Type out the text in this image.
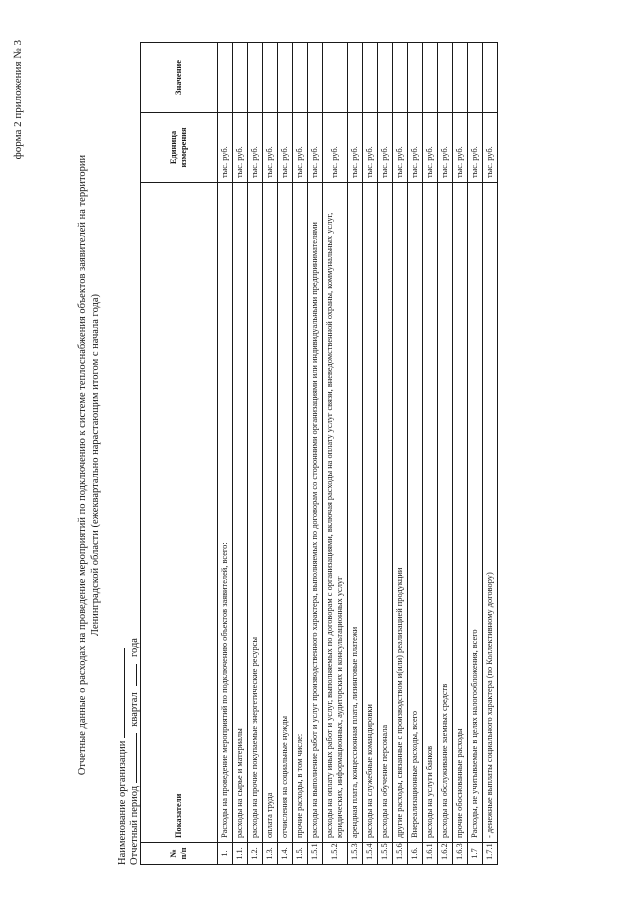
форма 2 приложения № 3
Отчетные данные о расходах на проведение мероприятий по подключению к системе теплоснабжения объектов заявителей на территории Ленинградской области (ежеквартально нарастающим итогом с начала года)
Наименование организации Отчетный период  квартал  года
№ п/п	Показатели	Единица измерения	Значение
1.	Расходы на проведение мероприятий по подключению объектов заявителей, всего:	тыс. руб.	
1.1.	расходы на сырье и материалы	тыс. руб.	
1.2.	расходы на прочие покупаемые энергетические ресурсы	тыс. руб.	
1.3.	оплата труда	тыс. руб.	
1.4.	отчисления на социальные нужды	тыс. руб.	
1.5.	прочие расходы, в том числе:	тыс. руб.	
1.5.1	расходы на выполнение работ и услуг производственного характера, выполняемых по договорам со сторонними организациями или индивидуальными предпринимателями	тыс. руб.	
1.5.2	расходы на оплату иных работ и услуг, выполняемых по договорам с организациями, включая расходы на оплату услуг связи, вневедомственной охраны, коммунальных услуг, юридических, информационных, аудиторских и консультационных услуг	тыс. руб.	
1.5.3	арендная плата, концессионная плата, лизинговые платежи	тыс. руб.	
1.5.4	расходы на служебные командировки	тыс. руб.	
1.5.5	расходы на обучение персонала	тыс. руб.	
1.5.6	другие расходы, связанные с производством и(или) реализацией продукции	тыс. руб.	
1.6.	Внереализационные расходы, всего	тыс. руб.	
1.6.1	расходы на услуги банков	тыс. руб.	
1.6.2	расходы на обслуживание заемных средств	тыс. руб.	
1.6.3	прочие обоснованные расходы	тыс. руб.	
1.7	Расходы, не учитываемые в целях налогообложения, всего	тыс. руб.	
1.7.1	- денежные выплаты социального характера (по Коллективному договору)	тыс. руб.	
